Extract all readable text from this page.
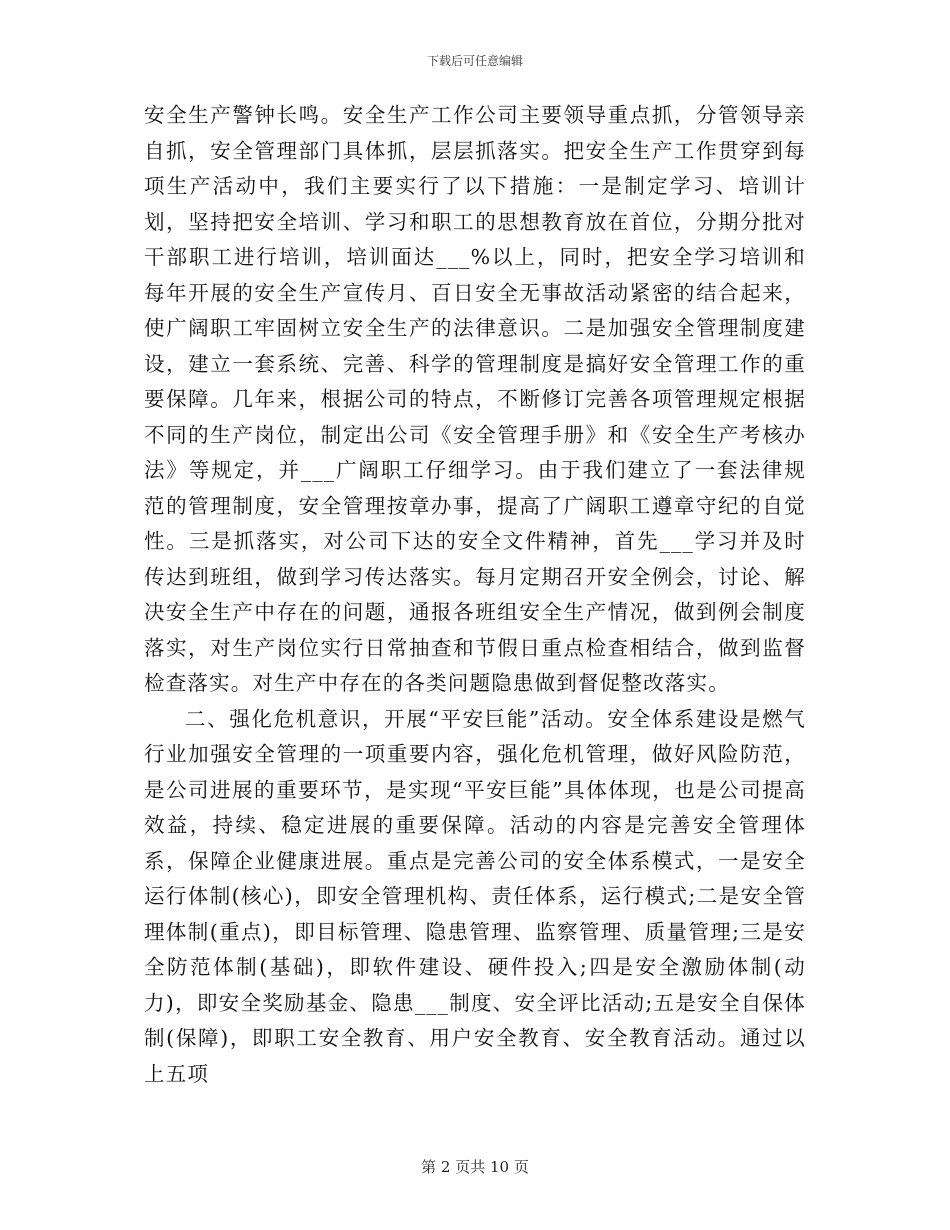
下载后可任意编辑

安全生产警钟长鸣。安全生产工作公司主要领导重点抓，分管领导亲自抓，安全管理部门具体抓，层层抓落实。把安全生产工作贯穿到每项生产活动中，我们主要实行了以下措施：一是制定学习、培训计划，坚持把安全培训、学习和职工的思想教育放在首位，分期分批对干部职工进行培训，培训面达___%以上，同时，把安全学习培训和每年开展的安全生产宣传月、百日安全无事故活动紧密的结合起来，使广阔职工牢固树立安全生产的法律意识。二是加强安全管理制度建设，建立一套系统、完善、科学的管理制度是搞好安全管理工作的重要保障。几年来，根据公司的特点，不断修订完善各项管理规定根据不同的生产岗位，制定出公司《安全管理手册》和《安全生产考核办法》等规定，并___广阔职工仔细学习。由于我们建立了一套法律规范的管理制度，安全管理按章办事，提高了广阔职工遵章守纪的自觉性。三是抓落实，对公司下达的安全文件精神，首先___学习并及时传达到班组，做到学习传达落实。每月定期召开安全例会，讨论、解决安全生产中存在的问题，通报各班组安全生产情况，做到例会制度落实，对生产岗位实行日常抽查和节假日重点检查相结合，做到监督检查落实。对生产中存在的各类问题隐患做到督促整改落实。

二、强化危机意识，开展“平安巨能”活动。安全体系建设是燃气行业加强安全管理的一项重要内容，强化危机管理，做好风险防范，是公司进展的重要环节，是实现“平安巨能”具体体现，也是公司提高效益，持续、稳定进展的重要保障。活动的内容是完善安全管理体系，保障企业健康进展。重点是完善公司的安全体系模式，一是安全运行体制(核心)，即安全管理机构、责任体系，运行模式;二是安全管理体制(重点)，即目标管理、隐患管理、监察管理、质量管理;三是安全防范体制(基础)，即软件建设、硬件投入;四是安全激励体制(动力)，即安全奖励基金、隐患___制度、安全评比活动;五是安全自保体制(保障)，即职工安全教育、用户安全教育、安全教育活动。通过以上五项

第 2 页共 10 页
